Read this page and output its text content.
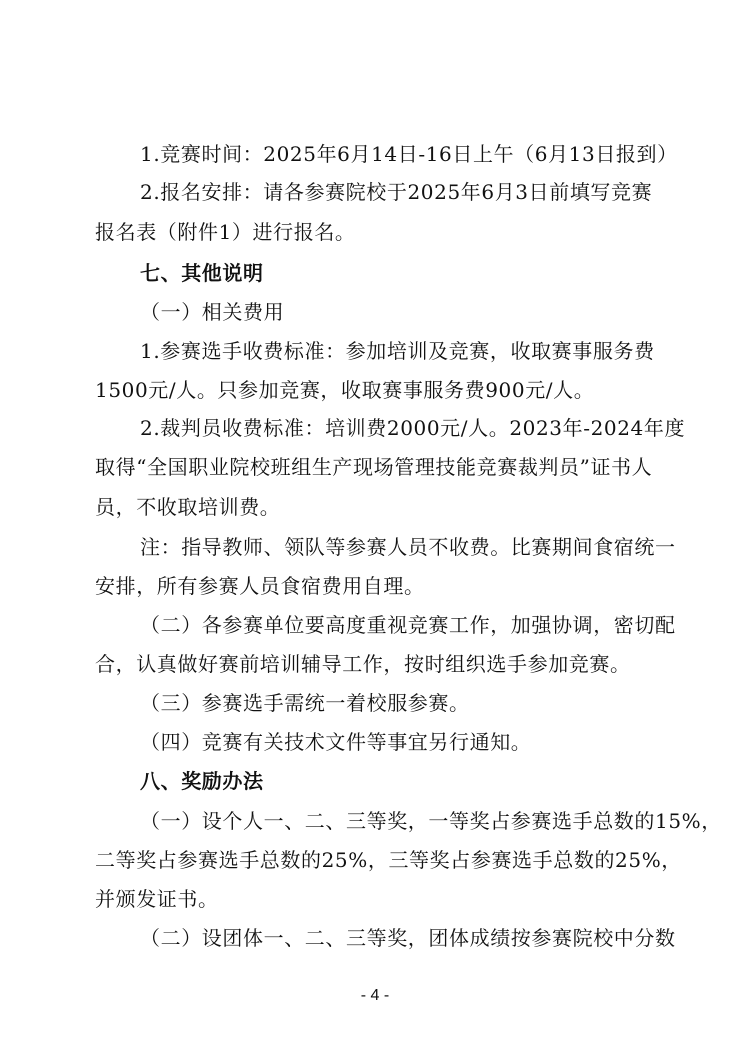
1.竞赛时间：2025年6月14日-16日上午（6月13日报到）
2.报名安排：请各参赛院校于2025年6月3日前填写竞赛
报名表（附件1）进行报名。
七、其他说明
（一）相关费用
1.参赛选手收费标准：参加培训及竞赛，收取赛事服务费
1500元/人。只参加竞赛，收取赛事服务费900元/人。
2.裁判员收费标准：培训费2000元/人。2023年-2024年度
取得“全国职业院校班组生产现场管理技能竞赛裁判员”证书人
员，不收取培训费。
注：指导教师、领队等参赛人员不收费。比赛期间食宿统一
安排，所有参赛人员食宿费用自理。
（二）各参赛单位要高度重视竞赛工作，加强协调，密切配
合，认真做好赛前培训辅导工作，按时组织选手参加竞赛。
（三）参赛选手需统一着校服参赛。
（四）竞赛有关技术文件等事宜另行通知。
八、奖励办法
（一）设个人一、二、三等奖，一等奖占参赛选手总数的15%，
二等奖占参赛选手总数的25%，三等奖占参赛选手总数的25%，
并颁发证书。
（二）设团体一、二、三等奖，团体成绩按参赛院校中分数
- 4 -
